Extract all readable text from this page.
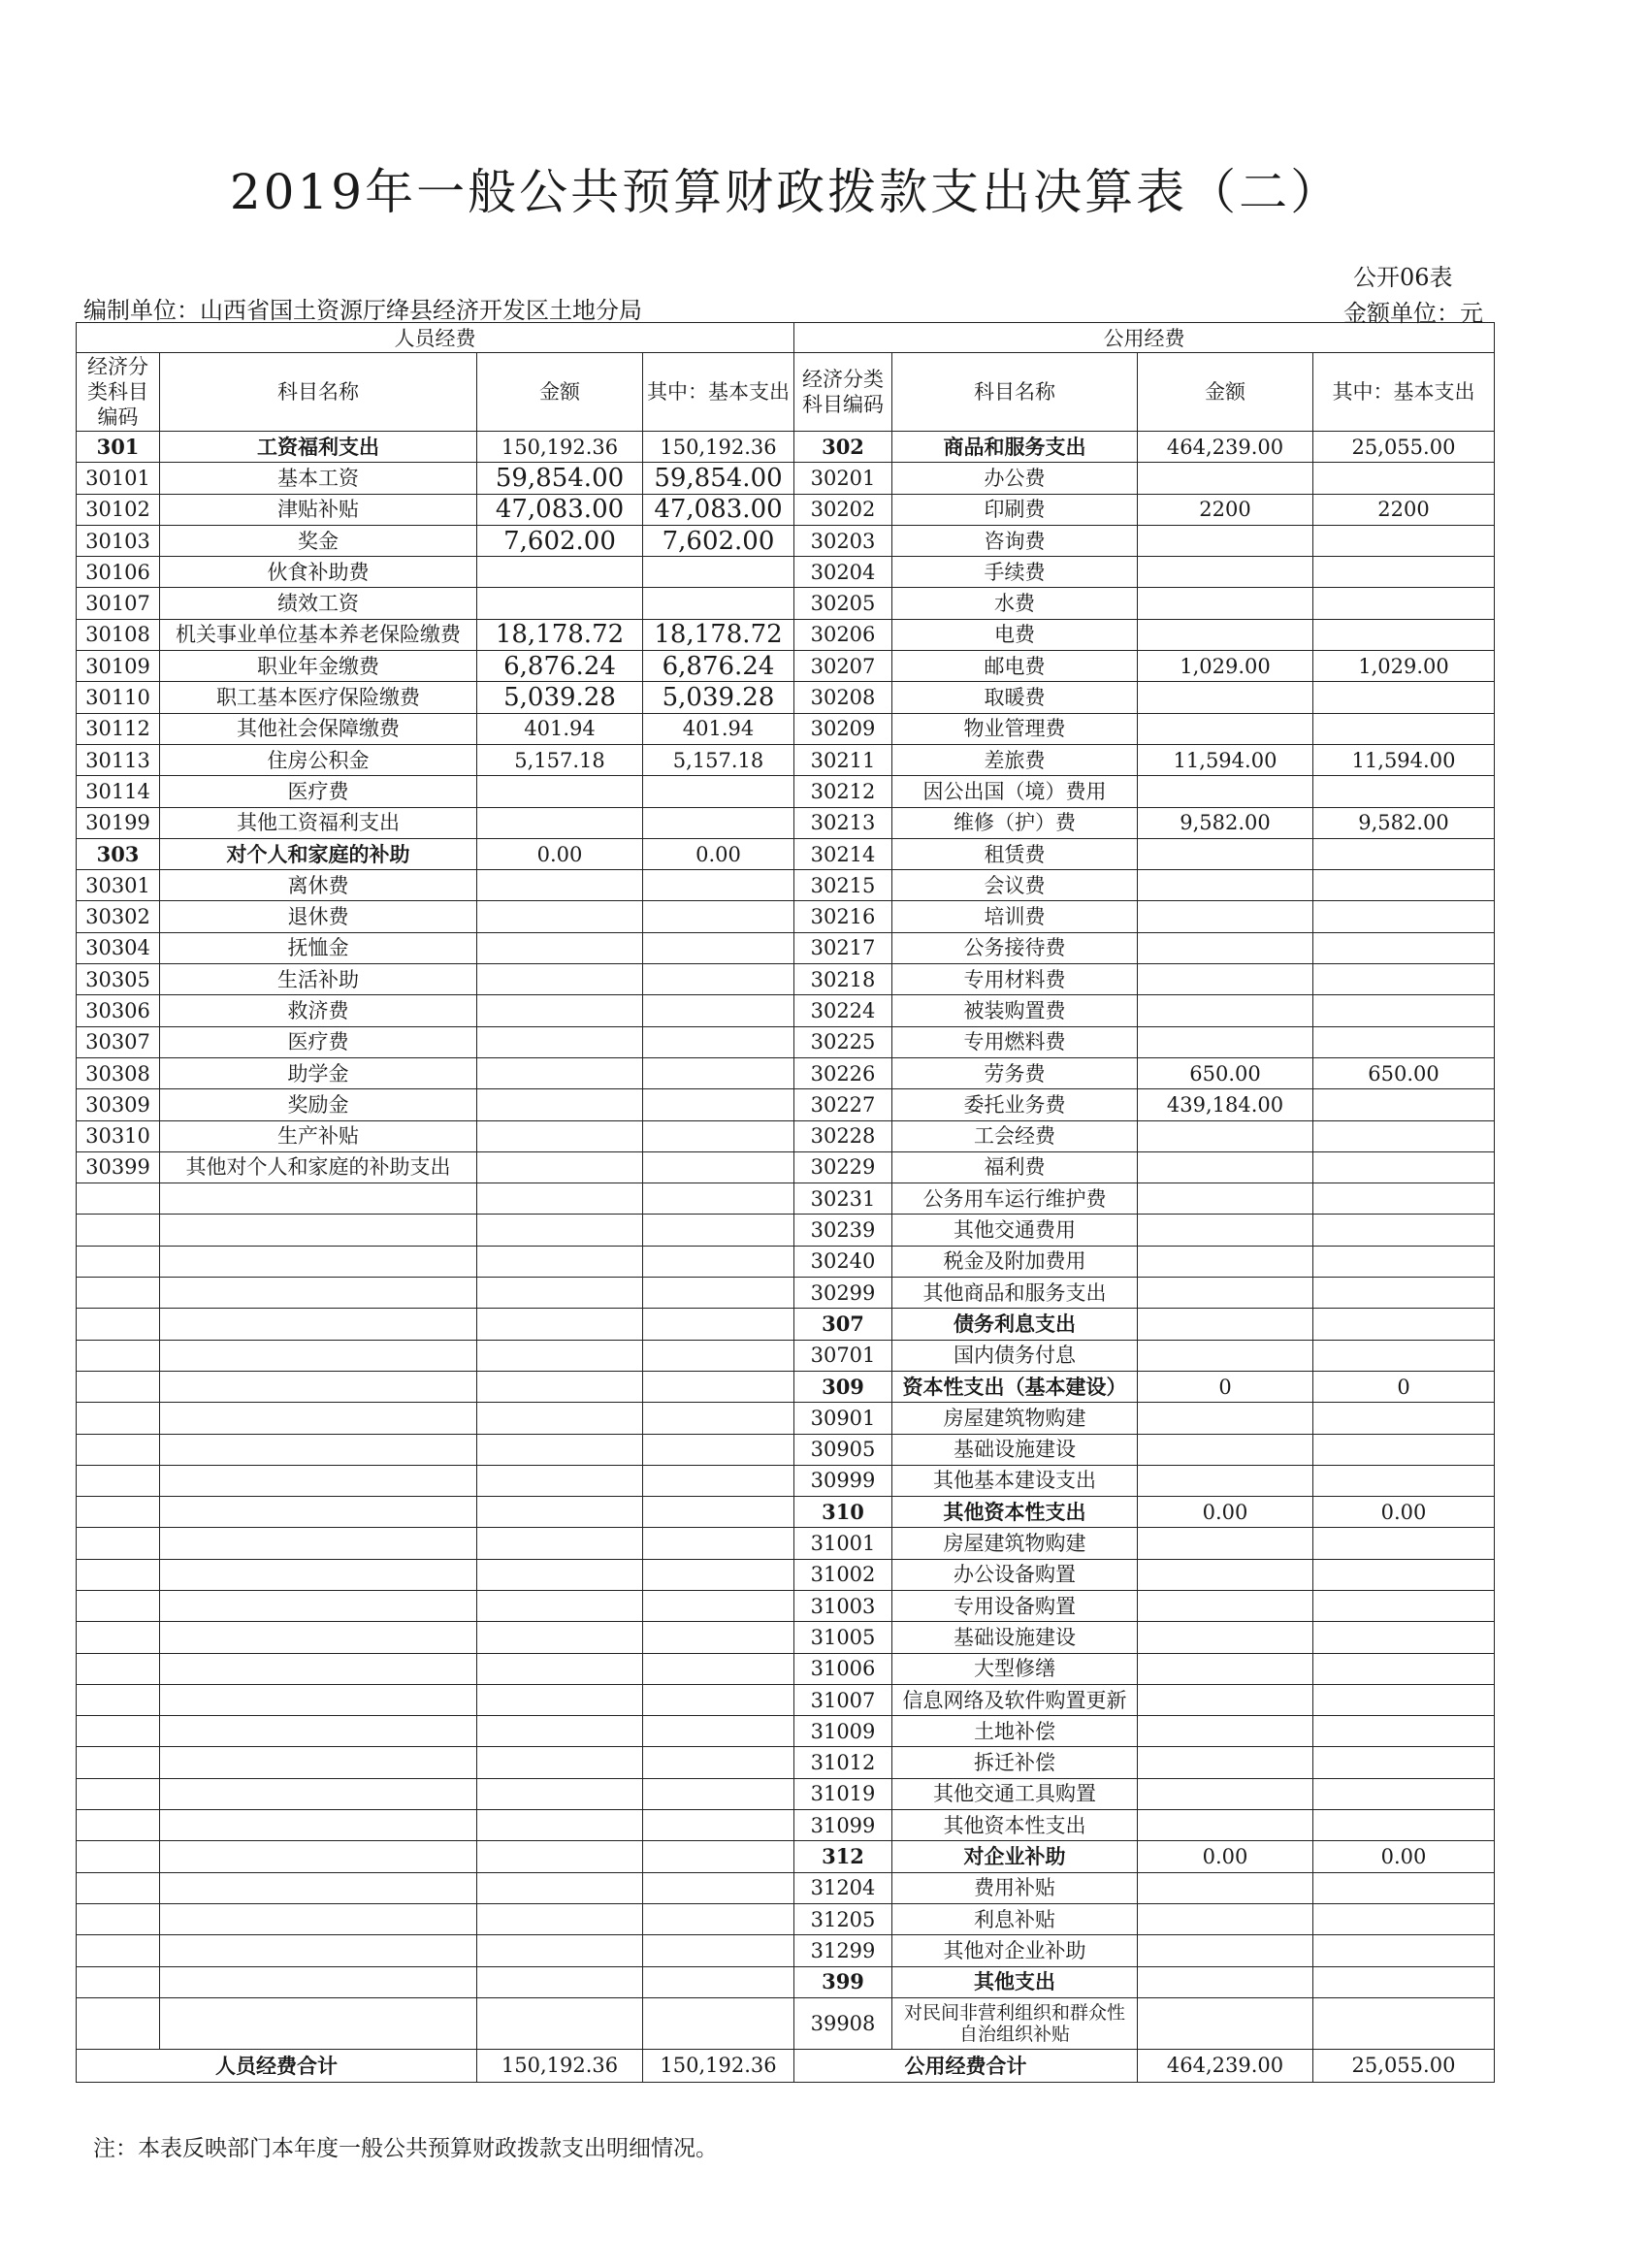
2019年一般公共预算财政拨款支出决算表（二）
公开06表
编制单位：山西省国土资源厅绛县经济开发区土地分局	金额单位：元
人员经费				公用经费			
经济分类科目编码	科目名称	金额	其中：基本支出	经济分类科目编码	科目名称	金额	其中：基本支出
301	工资福利支出	150,192.36	150,192.36	302	商品和服务支出	464,239.00	25,055.00
30101	基本工资	59,854.00	59,854.00	30201	办公费		
30102	津贴补贴	47,083.00	47,083.00	30202	印刷费	2200	2200
30103	奖金	7,602.00	7,602.00	30203	咨询费		
30106	伙食补助费			30204	手续费		
30107	绩效工资			30205	水费		
30108	机关事业单位基本养老保险缴费	18,178.72	18,178.72	30206	电费		
30109	职业年金缴费	6,876.24	6,876.24	30207	邮电费	1,029.00	1,029.00
30110	职工基本医疗保险缴费	5,039.28	5,039.28	30208	取暖费		
30112	其他社会保障缴费	401.94	401.94	30209	物业管理费		
30113	住房公积金	5,157.18	5,157.18	30211	差旅费	11,594.00	11,594.00
30114	医疗费			30212	因公出国（境）费用		
30199	其他工资福利支出			30213	维修（护）费	9,582.00	9,582.00
303	对个人和家庭的补助	0.00	0.00	30214	租赁费		
30301	离休费			30215	会议费		
30302	退休费			30216	培训费		
30304	抚恤金			30217	公务接待费		
30305	生活补助			30218	专用材料费		
30306	救济费			30224	被装购置费		
30307	医疗费			30225	专用燃料费		
30308	助学金			30226	劳务费	650.00	650.00
30309	奖励金			30227	委托业务费	439,184.00	
30310	生产补贴			30228	工会经费		
30399	其他对个人和家庭的补助支出			30229	福利费		
				30231	公务用车运行维护费		
				30239	其他交通费用		
				30240	税金及附加费用		
				30299	其他商品和服务支出		
				307	债务利息支出		
				30701	国内债务付息		
				309	资本性支出（基本建设）	0	0
				30901	房屋建筑物购建		
				30905	基础设施建设		
				30999	其他基本建设支出		
				310	其他资本性支出	0.00	0.00
				31001	房屋建筑物购建		
				31002	办公设备购置		
				31003	专用设备购置		
				31005	基础设施建设		
				31006	大型修缮		
				31007	信息网络及软件购置更新		
				31009	土地补偿		
				31012	拆迁补偿		
				31019	其他交通工具购置		
				31099	其他资本性支出		
				312	对企业补助	0.00	0.00
				31204	费用补贴		
				31205	利息补贴		
				31299	其他对企业补助		
				399	其他支出		
				39908	对民间非营利组织和群众性自治组织补贴		
人员经费合计		150,192.36	150,192.36	公用经费合计		464,239.00	25,055.00
注：本表反映部门本年度一般公共预算财政拨款支出明细情况。
